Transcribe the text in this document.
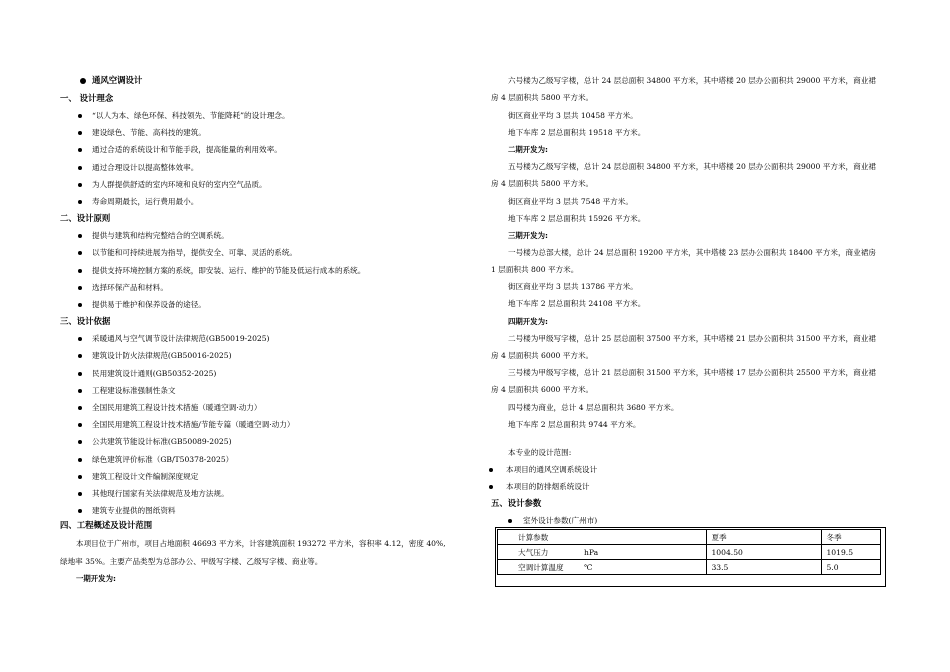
通风空调设计
一、 设计理念
“以人为本、绿色环保、科技领先、节能降耗”的设计理念。
建设绿色、节能、高科技的建筑。
通过合适的系统设计和节能手段，提高能量的利用效率。
通过合理设计以提高整体效率。
为人群提供舒适的室内环境和良好的室内空气品质。
寿命周期最长，运行费用最小。
二、设计原则
提供与建筑和结构完整结合的空调系统。
以节能和可持续进展为指导，提供安全、可靠、灵活的系统。
提供支持环境控制方案的系统，即安装、运行、维护的节能及低运行成本的系统。
选择环保产品和材料。
提供易于维护和保养设备的途径。
三、设计依据
采暖通风与空气调节设计法律规范(GB50019-2025)
建筑设计防火法律规范(GB50016-2025)
民用建筑设计通则(GB50352-2025)
工程建设标准强制性条文
全国民用建筑工程设计技术措施（暖通空调·动力）
全国民用建筑工程设计技术措施/节能专篇（暖通空调·动力）
公共建筑节能设计标准(GB50089-2025)
绿色建筑评价标准（GB/T50378-2025）
建筑工程设计文件编制深度规定
其他现行国家有关法律规范及地方法规。
建筑专业提供的图纸资料
四、工程概述及设计范围
本项目位于广州市，项目占地面积 46693 平方米，计容建筑面积 193272 平方米，容积率 4.12，密度 40%,
绿地率 35%。主要产品类型为总部办公、甲级写字楼、乙级写字楼、商业等。
一期开发为:
六号楼为乙级写字楼，总计 24 层总面积 34800 平方米，其中塔楼 20 层办公面积共 29000 平方米，商业裙
房 4 层面积共 5800 平方米。
街区商业平均 3 层共 10458 平方米。
地下车库 2 层总面积共 19518 平方米。
二期开发为:
五号楼为乙级写字楼，总计 24 层总面积 34800 平方米，其中塔楼 20 层办公面积共 29000 平方米，商业裙
房 4 层面积共 5800 平方米。
街区商业平均 3 层共 7548 平方米。
地下车库 2 层总面积共 15926 平方米。
三期开发为:
一号楼为总部大楼，总计 24 层总面积 19200 平方米，其中塔楼 23 层办公面积共 18400 平方米，商业裙房
1 层面积共 800 平方米。
街区商业平均 3 层共 13786 平方米。
地下车库 2 层总面积共 24108 平方米。
四期开发为:
二号楼为甲级写字楼，总计 25 层总面积 37500 平方米，其中塔楼 21 层办公面积共 31500 平方米，商业裙
房 4 层面积共 6000 平方米。
三号楼为甲级写字楼，总计 21 层总面积 31500 平方米，其中塔楼 17 层办公面积共 25500 平方米，商业裙
房 4 层面积共 6000 平方米。
四号楼为商业，总计 4 层总面积共 3680 平方米。
地下车库 2 层总面积共 9744 平方米。
本专业的设计范围:
本项目的通风空调系统设计
本项目的防排烟系统设计
五、设计参数
室外设计参数(广州市)
计算参数		夏季	冬季
大气压力	hPa	1004.50	1019.5
空调计算温度	℃	33.5	5.0
